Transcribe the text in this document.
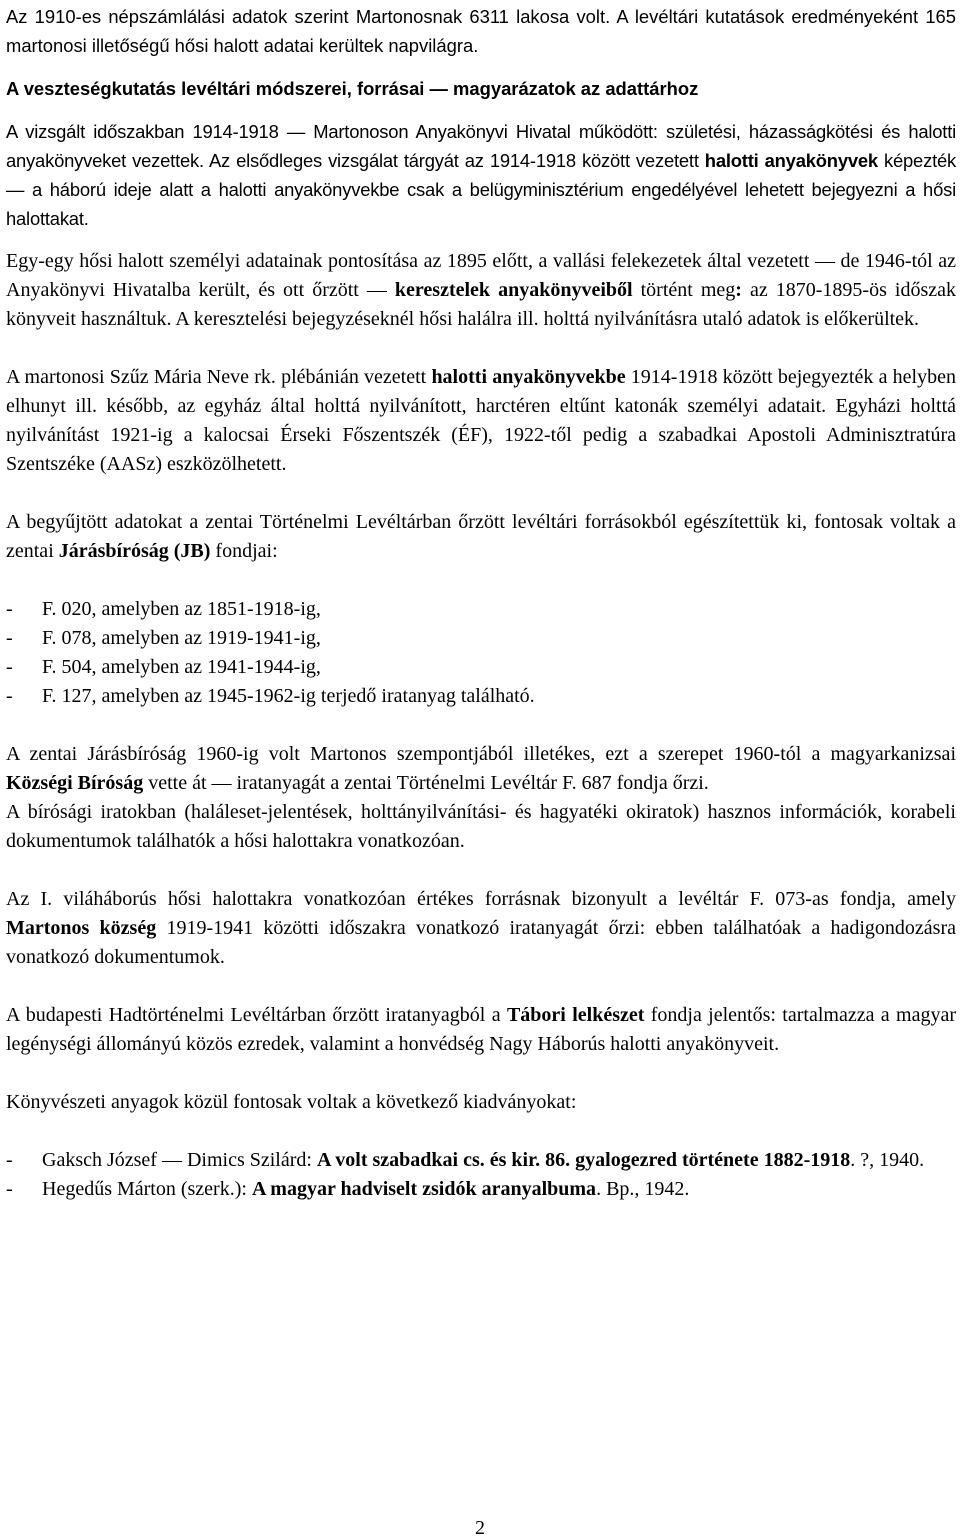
Az 1910-es népszámlálási adatok szerint Martonosnak 6311 lakosa volt. A levéltári kutatások eredményeként 165 martonosi illetőségű hősi halott adatai kerültek napvilágra.

A veszteségkutatás levéltári módszerei, forrásai — magyarázatok az adattárhoz

A vizsgált időszakban 1914-1918 — Martonoson Anyakönyvi Hivatal működött: születési, házasságkötési és halotti anyakönyveket vezettek. Az elsődleges vizsgálat tárgyát az 1914-1918 között vezetett halotti anyakönyvek képezték — a háború ideje alatt a halotti anyakönyvekbe csak a belügyminisztérium engedélyével lehetett bejegyezni a hősi halottakat.

Egy-egy hősi halott személyi adatainak pontosítása az 1895 előtt, a vallási felekezetek által vezetett — de 1946-tól az Anyakönyvi Hivatalba került, és ott őrzött — keresztelek anyakönyveiből történt meg: az 1870-1895-ös időszak könyveit használtuk. A keresztelési bejegyzéseknél hősi halálra ill. holttá nyilvánításra utaló adatok is előkerültek.

A martonosi Szűz Mária Neve rk. plébánián vezetett halotti anyakönyvekbe 1914-1918 között bejegyezték a helyben elhunyt ill. később, az egyház által holttá nyilvánított, harctéren eltűnt katonák személyi adatait. Egyházi holttá nyilvánítást 1921-ig a kalocsai Érseki Főszentszék (ÉF), 1922-től pedig a szabadkai Apostoli Adminisztratúra Szentszéke (AASz) eszközölhetett.

A begyűjtött adatokat a zentai Történelmi Levéltárban őrzött levéltári forrásokból egészítettük ki, fontosak voltak a zentai Járásbíróság (JB) fondjai:

- F. 020, amelyben az 1851-1918-ig,
- F. 078, amelyben az 1919-1941-ig,
- F. 504, amelyben az 1941-1944-ig,
- F. 127, amelyben az 1945-1962-ig terjedő iratanyag található.

A zentai Járásbíróság 1960-ig volt Martonos szempontjából illetékes, ezt a szerepet 1960-tól a magyarkanizsai Községi Bíróság vette át — iratanyagát a zentai Történelmi Levéltár F. 687 fondja őrzi.

A bírósági iratokban (haláleset-jelentések, holttányilvánítási- és hagyatéki okiratok) hasznos információk, korabeli dokumentumok találhatók a hősi halottakra vonatkozóan.

Az I. viláháborús hősi halottakra vonatkozóan értékes forrásnak bizonyult a levéltár F. 073-as fondja, amely Martonos község 1919-1941 közötti időszakra vonatkozó iratanyagát őrzi: ebben találhatóak a hadigondozásra vonatkozó dokumentumok.

A budapesti Hadtörténelmi Levéltárban őrzött iratanyagból a Tábori lelkészet fondja jelentős: tartalmazza a magyar legénységi állományú közös ezredek, valamint a honvédség Nagy Háborús halotti anyakönyveit.

Könyvészeti anyagok közül fontosak voltak a következő kiadványokat:

- Gaksch József — Dimics Szilárd: A volt szabadkai cs. és kir. 86. gyalogezred története 1882-1918. ?, 1940.
- Hegedűs Márton (szerk.): A magyar hadviselt zsidók aranyalbuma. Bp., 1942.
2
